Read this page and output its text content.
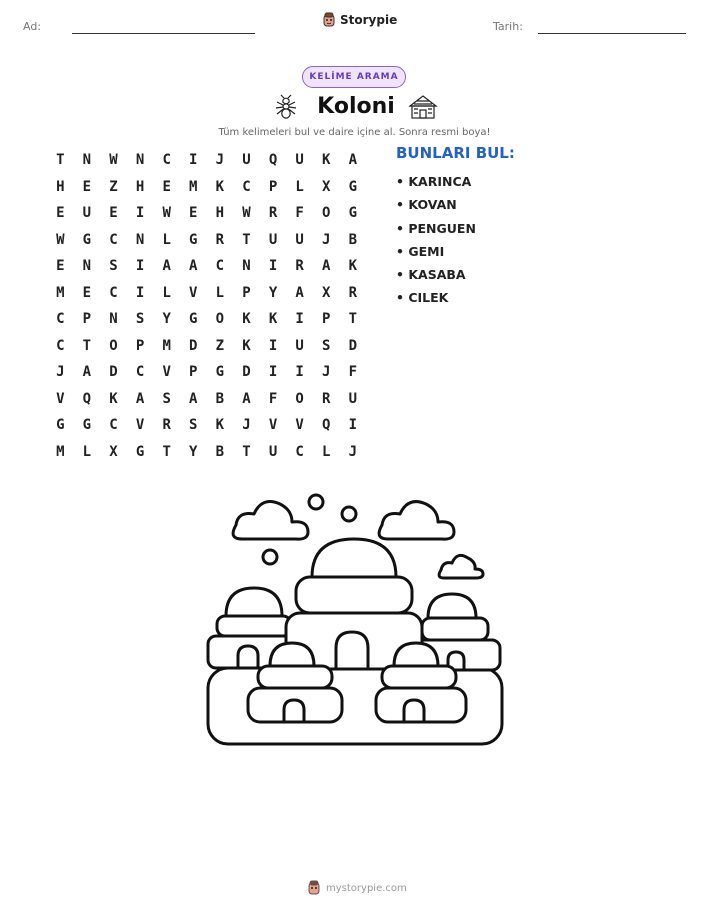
Ad:	Storypie	Tarih:
KELİME ARAMA
Koloni
Tüm kelimeleri bul ve daire içine al. Sonra resmi boya!
T	N	W	N	C	I	J	U	Q	U	K	A
H	E	Z	H	E	M	K	C	P	L	X	G
E	U	E	I	W	E	H	W	R	F	O	G
W	G	C	N	L	G	R	T	U	U	J	B
E	N	S	I	A	A	C	N	I	R	A	K
M	E	C	I	L	V	L	P	Y	A	X	R
C	P	N	S	Y	G	O	K	K	I	P	T
C	T	O	P	M	D	Z	K	I	U	S	D
J	A	D	C	V	P	G	D	I	I	J	F
V	Q	K	A	S	A	B	A	F	O	R	U
G	G	C	V	R	S	K	J	V	V	Q	I
M	L	X	G	T	Y	B	T	U	C	L	J
BUNLARI BUL:
• KARINCA
• KOVAN
• PENGUEN
• GEMI
• KASABA
• CILEK
mystorypie.com
